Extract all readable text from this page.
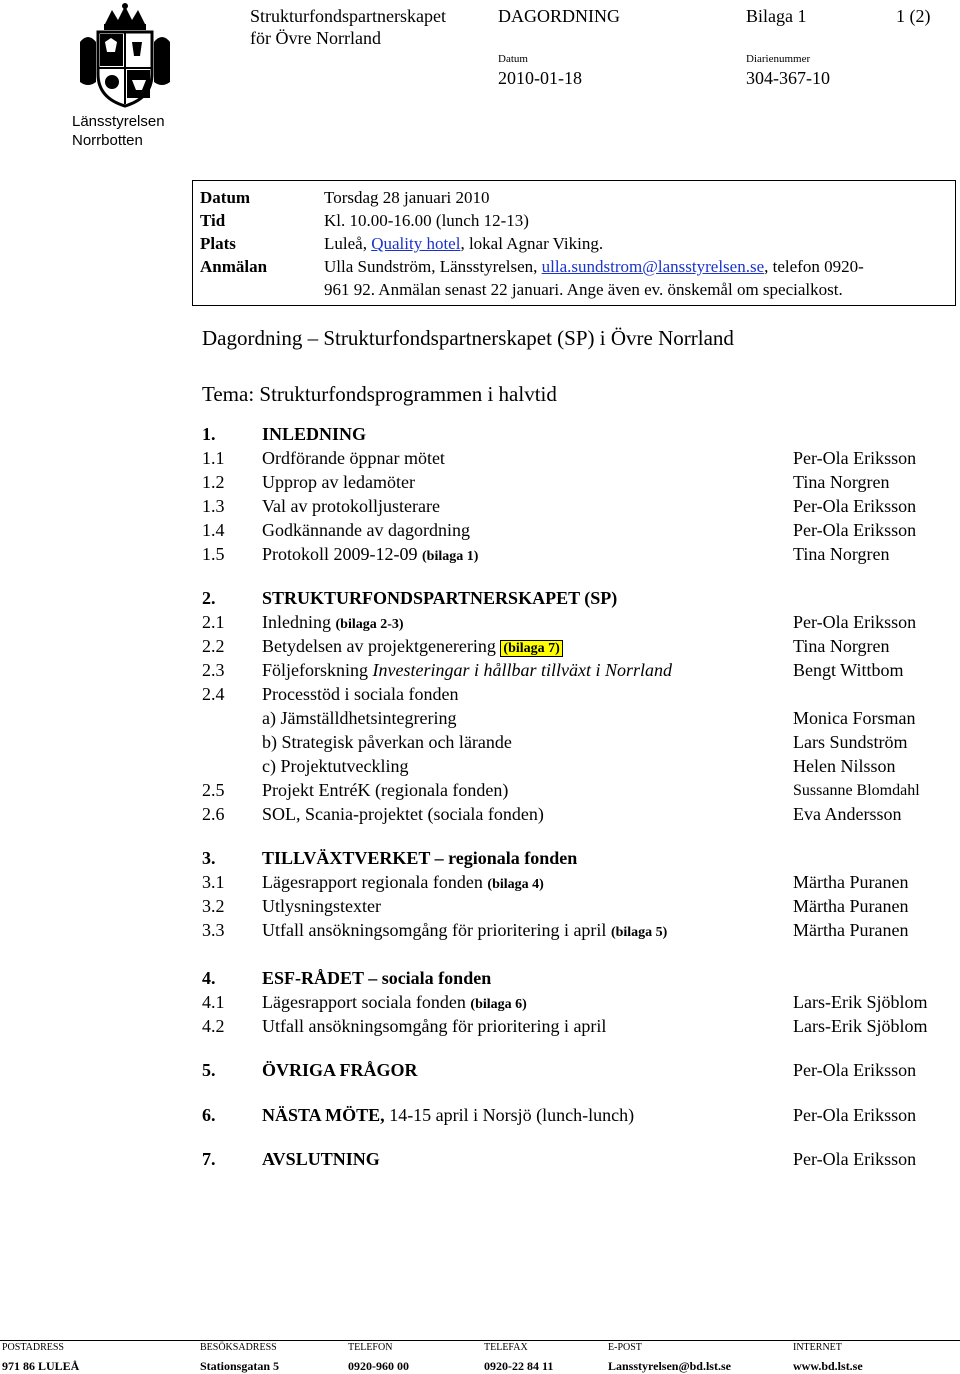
Länsstyrelsen
Norrbotten
Strukturfondspartnerskapet
för Övre Norrland
DAGORDNING	Bilaga 1	1 (2)
Datum
2010-01-18
Diarienummer
304-367-10
Datum	Torsdag 28 januari 2010
Tid	Kl. 10.00-16.00 (lunch 12-13)
Plats	Luleå, Quality hotel, lokal Agnar Viking.
Anmälan	Ulla Sundström, Länsstyrelsen, ulla.sundstrom@lansstyrelsen.se, telefon 0920-
961 92. Anmälan senast 22 januari. Ange även ev. önskemål om specialkost.
Dagordning – Strukturfondspartnerskapet (SP) i Övre Norrland
Tema: Strukturfondsprogrammen i halvtid
1.	INLEDNING
1.1 Ordförande öppnar mötet	Per-Ola Eriksson
1.2 Upprop av ledamöter	Tina Norgren
1.3 Val av protokolljusterare	Per-Ola Eriksson
1.4 Godkännande av dagordning	Per-Ola Eriksson
1.5 Protokoll 2009-12-09 (bilaga 1)	Tina Norgren
2.	STRUKTURFONDSPARTNERSKAPET (SP)
2.1 Inledning (bilaga 2-3)	Per-Ola Eriksson
2.2 Betydelsen av projektgenerering (bilaga 7)	Tina Norgren
2.3 Följeforskning Investeringar i hållbar tillväxt i Norrland	Bengt Wittbom
2.4 Processtöd i sociala fonden
a) Jämställdhetsintegrering	Monica Forsman
b) Strategisk påverkan och lärande	Lars Sundström
c) Projektutveckling	Helen Nilsson
2.5 Projekt EntréK (regionala fonden)	Sussanne Blomdahl
2.6 SOL, Scania-projektet (sociala fonden)	Eva Andersson
3.	TILLVÄXTVERKET – regionala fonden
3.1 Lägesrapport regionala fonden (bilaga 4)	Märtha Puranen
3.2 Utlysningstexter	Märtha Puranen
3.3 Utfall ansökningsomgång för prioritering i april (bilaga 5)	Märtha Puranen
4.	ESF-RÅDET – sociala fonden
4.1 Lägesrapport sociala fonden (bilaga 6)	Lars-Erik Sjöblom
4.2 Utfall ansökningsomgång för prioritering i april	Lars-Erik Sjöblom
5.	ÖVRIGA FRÅGOR	Per-Ola Eriksson
6.	NÄSTA MÖTE, 14-15 april i Norsjö (lunch-lunch)	Per-Ola Eriksson
7.	AVSLUTNING	Per-Ola Eriksson
POSTADRESS
971 86 LULEÅ
BESÖKSADRESS
Stationsgatan 5
TELEFON
0920-960 00
TELEFAX
0920-22 84 11
E-POST
Lansstyrelsen@bd.lst.se
INTERNET
www.bd.lst.se
